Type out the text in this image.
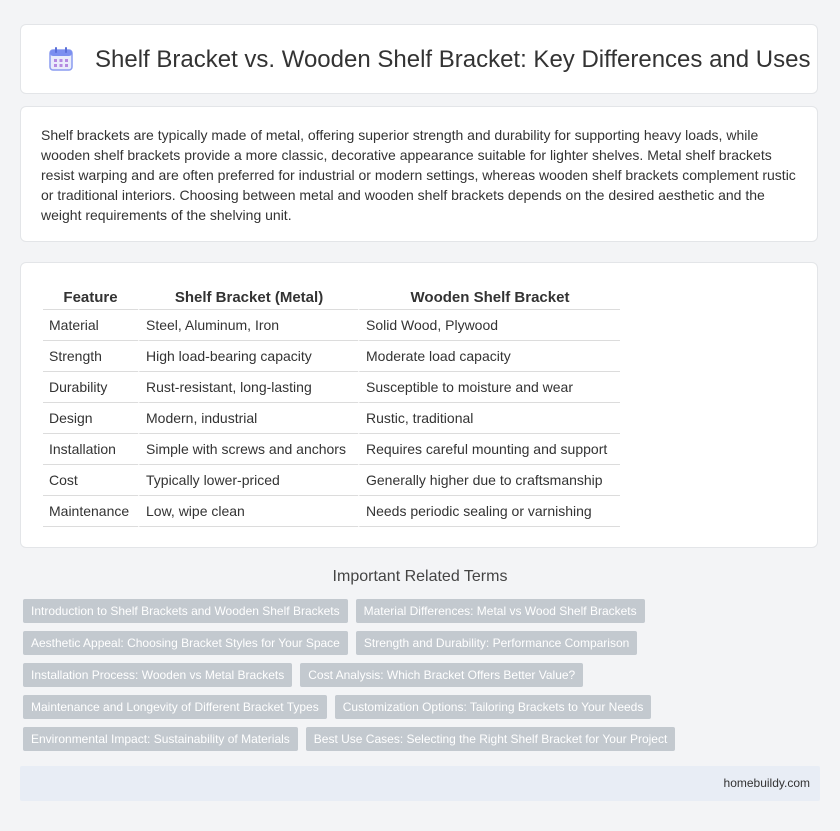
Shelf Bracket vs. Wooden Shelf Bracket: Key Differences and Uses

Shelf brackets are typically made of metal, offering superior strength and durability for supporting heavy loads, while wooden shelf brackets provide a more classic, decorative appearance suitable for lighter shelves. Metal shelf brackets resist warping and are often preferred for industrial or modern settings, whereas wooden shelf brackets complement rustic or traditional interiors. Choosing between metal and wooden shelf brackets depends on the desired aesthetic and the weight requirements of the shelving unit.

Feature	Shelf Bracket (Metal)	Wooden Shelf Bracket
Material	Steel, Aluminum, Iron	Solid Wood, Plywood
Strength	High load-bearing capacity	Moderate load capacity
Durability	Rust-resistant, long-lasting	Susceptible to moisture and wear
Design	Modern, industrial	Rustic, traditional
Installation	Simple with screws and anchors	Requires careful mounting and support
Cost	Typically lower-priced	Generally higher due to craftsmanship
Maintenance	Low, wipe clean	Needs periodic sealing or varnishing
Important Related Terms
Introduction to Shelf Brackets and Wooden Shelf Brackets	Material Differences: Metal vs Wood Shelf Brackets
Aesthetic Appeal: Choosing Bracket Styles for Your Space	Strength and Durability: Performance Comparison
Installation Process: Wooden vs Metal Brackets	Cost Analysis: Which Bracket Offers Better Value?
Maintenance and Longevity of Different Bracket Types	Customization Options: Tailoring Brackets to Your Needs
Environmental Impact: Sustainability of Materials	Best Use Cases: Selecting the Right Shelf Bracket for Your Project
homebuildy.com
